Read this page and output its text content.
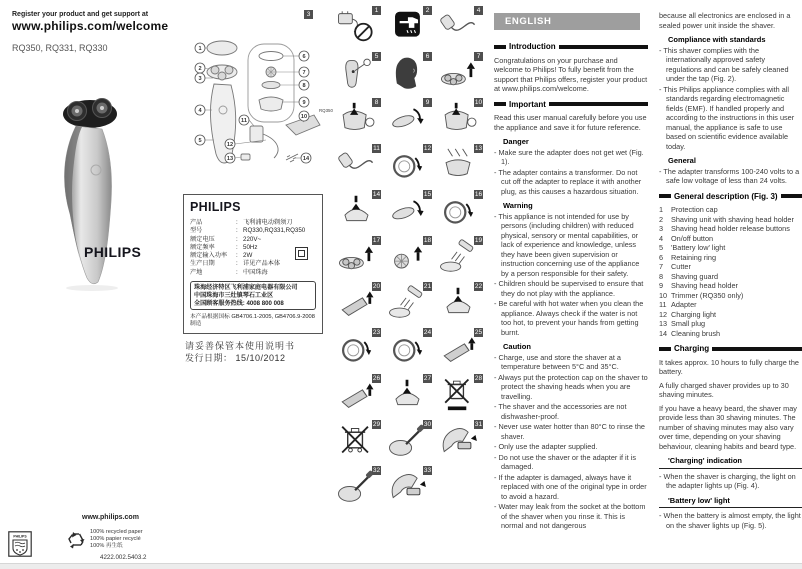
Register your product and get support at
www.philips.com/welcome
RQ350, RQ331, RQ330
PHILIPS
www.philips.com
100% recycled paper
100% papier recyclé
100% 再生纸
4222.002.5403.2
PHILIPS
PHILIPS
产品	: 飞利浦电动剃须刀
型号	: RQ330,RQ331,RQ350
额定电压	: 220V~
额定频率	: 50Hz
额定输入功率	: 2W
生产日期	: 详见产品本体
产地	: 中国珠海
珠海经济特区飞利浦家庭电器有限公司
中国珠海市三灶镇琴石工业区
全国顾客服务热线: 4008 800 008
本产品根据国标 GB4706.1-2005, GB4706.9-2008 制造
请妥善保管本使用说明书
发行日期： 15/10/2012
3
1
2
3
4
5
6
7
8
9
10
11
12
13	14
RQ350
1	2	4
5	6	7
8	9	10
11	12	13
14	15	16
17	18	19
20	21	22
23	24	25
26	27	28
29	30	31
32	33
ENGLISH
Introduction
Congratulations on your purchase and welcome to Philips! To fully benefit from the support that Philips offers, register your product at www.philips.com/welcome.
Important
Read this user manual carefully before you use the appliance and save it for future reference.
Danger
- Make sure the adapter does not get wet (Fig. 1).
- The adapter contains a transformer. Do not cut off the adapter to replace it with another plug, as this causes a hazardous situation.
Warning
- This appliance is not intended for use by persons (including children) with reduced physical, sensory or mental capabilities, or lack of experience and knowledge, unless they have been given supervision or instruction concerning use of the appliance by a person responsible for their safety.
- Children should be supervised to ensure that they do not play with the appliance.
- Be careful with hot water when you clean the appliance. Always check if the water is not too hot, to prevent your hands from getting burnt.
Caution
- Charge, use and store the shaver at a temperature between 5°C and 35°C.
- Always put the protection cap on the shaver to protect the shaving heads when you are travelling.
- The shaver and the accessories are not dishwasher-proof.
- Never use water hotter than 80°C to rinse the shaver.
- Only use the adapter supplied.
- Do not use the shaver or the adapter if it is damaged.
- If the adapter is damaged, always have it replaced with one of the original type in order to avoid a hazard.
- Water may leak from the socket at the bottom of the shaver when you rinse it. This is normal and not dangerous
because all electronics are enclosed in a sealed power unit inside the shaver.
Compliance with standards
- This shaver complies with the internationally approved safety regulations and can be safely cleaned under the tap (Fig. 2).
- This Philips appliance complies with all standards regarding electromagnetic fields (EMF). If handled properly and according to the instructions in this user manual, the appliance is safe to use based on scientific evidence available today.
General
- The adapter transforms 100-240 volts to a safe low voltage of less than 24 volts.
General description (Fig. 3)
1	Protection cap
2	Shaving unit with shaving head holder
3	Shaving head holder release buttons
4	On/off button
5	'Battery low' light
6	Retaining ring
7	Cutter
8	Shaving guard
9	Shaving head holder
10 Trimmer (RQ350 only)
11 Adapter
12 Charging light
13 Small plug
14 Cleaning brush
Charging
It takes approx. 10 hours to fully charge the battery.
A fully charged shaver provides up to 30 shaving minutes.
If you have a heavy beard, the shaver may provide less than 30 shaving minutes. The number of shaving minutes may also vary over time, depending on your shaving behaviour, cleaning habits and beard type.
'Charging' indication
- When the shaver is charging, the light on the adapter lights up (Fig. 4).
'Battery low' light
- When the battery is almost empty, the light on the shaver lights up (Fig. 5).
